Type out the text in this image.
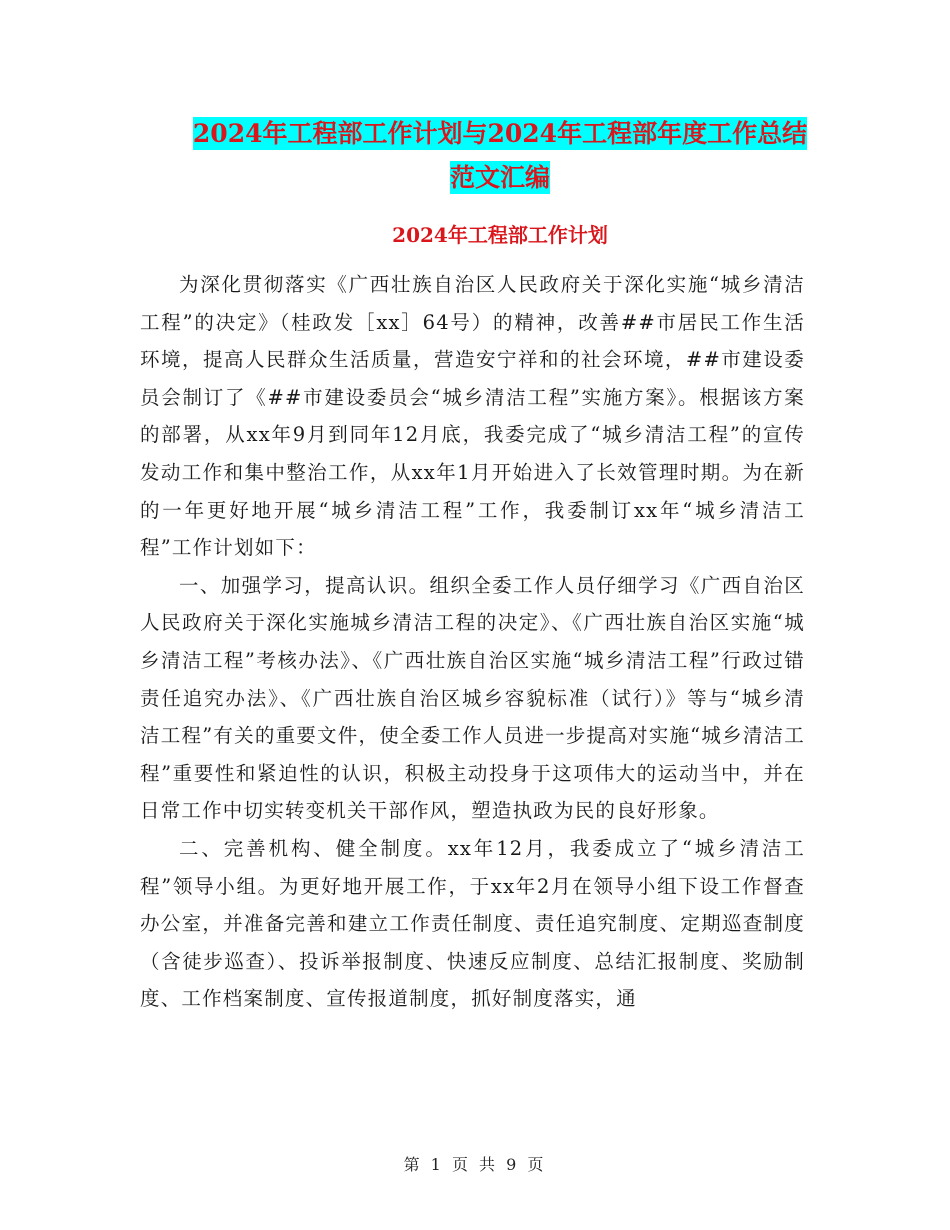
2024年工程部工作计划与2024年工程部年度工作总结
范文汇编
2024年工程部工作计划

为深化贯彻落实《广西壮族自治区人民政府关于深化实施“城乡清洁工程”的决定》（桂政发［xx］64号）的精神，改善##市居民工作生活环境，提高人民群众生活质量，营造安宁祥和的社会环境，##市建设委员会制订了《##市建设委员会“城乡清洁工程”实施方案》。根据该方案的部署，从xx年9月到同年12月底，我委完成了“城乡清洁工程”的宣传发动工作和集中整治工作，从xx年1月开始进入了长效管理时期。为在新的一年更好地开展“城乡清洁工程”工作，我委制订xx年“城乡清洁工程”工作计划如下：

一、加强学习，提高认识。组织全委工作人员仔细学习《广西自治区人民政府关于深化实施城乡清洁工程的决定》、《广西壮族自治区实施“城乡清洁工程”考核办法》、《广西壮族自治区实施“城乡清洁工程”行政过错责任追究办法》、《广西壮族自治区城乡容貌标准（试行）》等与“城乡清洁工程”有关的重要文件，使全委工作人员进一步提高对实施“城乡清洁工程”重要性和紧迫性的认识，积极主动投身于这项伟大的运动当中，并在日常工作中切实转变机关干部作风，塑造执政为民的良好形象。

二、完善机构、健全制度。xx年12月，我委成立了“城乡清洁工程”领导小组。为更好地开展工作，于xx年2月在领导小组下设工作督查办公室，并准备完善和建立工作责任制度、责任追究制度、定期巡查制度（含徒步巡查）、投诉举报制度、快速反应制度、总结汇报制度、奖励制度、工作档案制度、宣传报道制度，抓好制度落实，通

第 1 页 共 9 页
